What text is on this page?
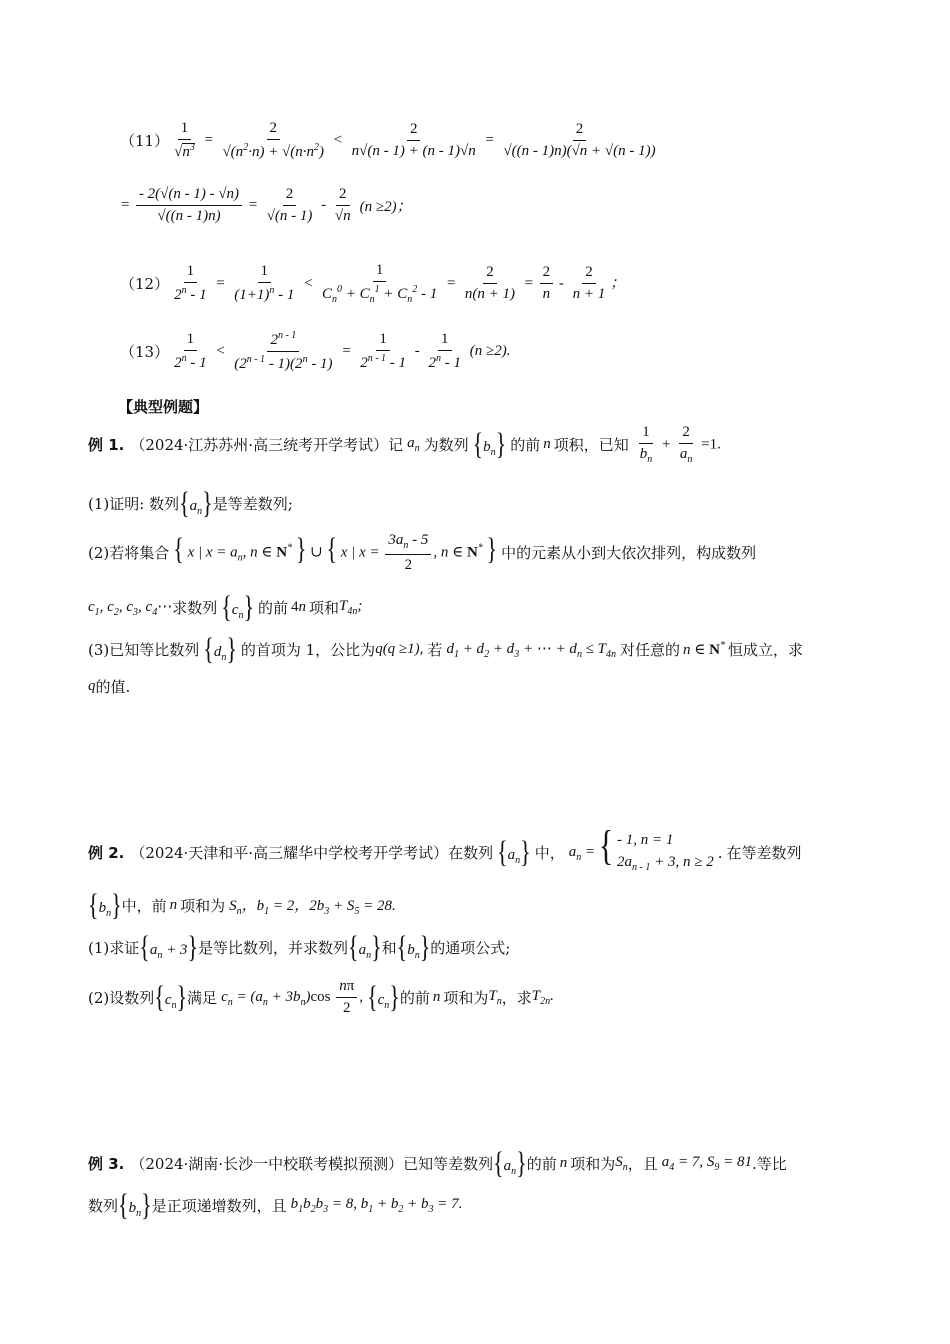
$(11) \frac{1}{√n^3} = \frac{2}{√(n^2\cdot n) + √(n\cdot n^2)} < \frac{2}{n√(n - 1) + (n - 1)√n} = \frac{2}{√((n - 1)n)(√n + √(n - 1))}$
= $\frac{- 2(√(n - 1) - √n)}{√((n - 1)n)} = \frac{2}{√(n - 1)} - \frac{2}{√n} (n \ge 2)$；
$(12) \frac{1}{2^n - 1} = \frac{1}{(1+1)^n - 1} < \frac{1}{C_n^0 + C_n^1 + C_n^2 - 1} = \frac{2}{n(n + 1)} = \frac{2}{n} - \frac{2}{n + 1}$ ；
$(13) \frac{1}{2^n - 1} < \frac{2^{n - 1}}{(2^{n - 1} - 1)(2^n - 1)} = \frac{1}{2^{n - 1} - 1} - \frac{1}{2^n - 1} (n \ge 2)$.
【典型例题】
例 1. （2024·江苏苏州·高三统考开学考试） 记 $a_n$ 为数列 $\{b_n\}$ 的前 n 项积，已知 $\frac{1}{b_n} + \frac{2}{a_n} =1$.
(1)证明: 数列 $\{a_n\}$ 是等差数列;
(2)若将集合 { x | $x = a_n$, n ∈ N* } ∪ { x | $x = \frac{3a_n - 5}{2}$ , n ∈ N* } 中的元素从小到大依次排列，构成数列
$c_1$, $c_2$, $c_3$, $c_4\cdots$ 求数列 $\{c_n\}$ 的前 4n 项和 $T_{4n}$;
(3)已知等比数列 $\{d_n\}$ 的首项为 1，公比为 q(q ≥1), 若 $d_1 + d_2 + d_3$ + ⋯ + $d_n \le T_{4n}$ 对任意的 n ∈ N* 恒成立，求
q 的值.
例 2. （2024·天津和平·高三耀华中学校考开学考试） 在数列 $\{a_n\}$ 中， $a_n$ = { - 1, n = 1
$2a_{n - 1} + 3$, n ≥ 2
. 在等差数列
$\{b_n\}$ 中，前 n 项和为 $S_n$，$b_1 = 2$，$2b_3 + S_5 = 28$.
(1)求证 $\{a_n + 3\}$ 是等比数列，并求数列 $\{a_n\}$ 和 $\{b_n\}$ 的通项公式;
(2)设数列 $\{c_n\}$ 满足 $c_n = (a_n + 3b_n)\cos \frac{n\pi}{2}$ , $\{c_n\}$ 的前 n 项和为 $T_n$ ，求 $T_{2n}$.
例 3. （2024·湖南·长沙一中校联考模拟预测） 已知等差数列 $\{a_n\}$ 的前 n 项和为 $S_n$ ，且 $a_4 = 7$, $S_9 = 81$ .等比
数列 $\{b_n\}$ 是正项递增数列，且 $b_1b_2b_3 = 8$, $b_1 + b_2 + b_3 = 7$.
